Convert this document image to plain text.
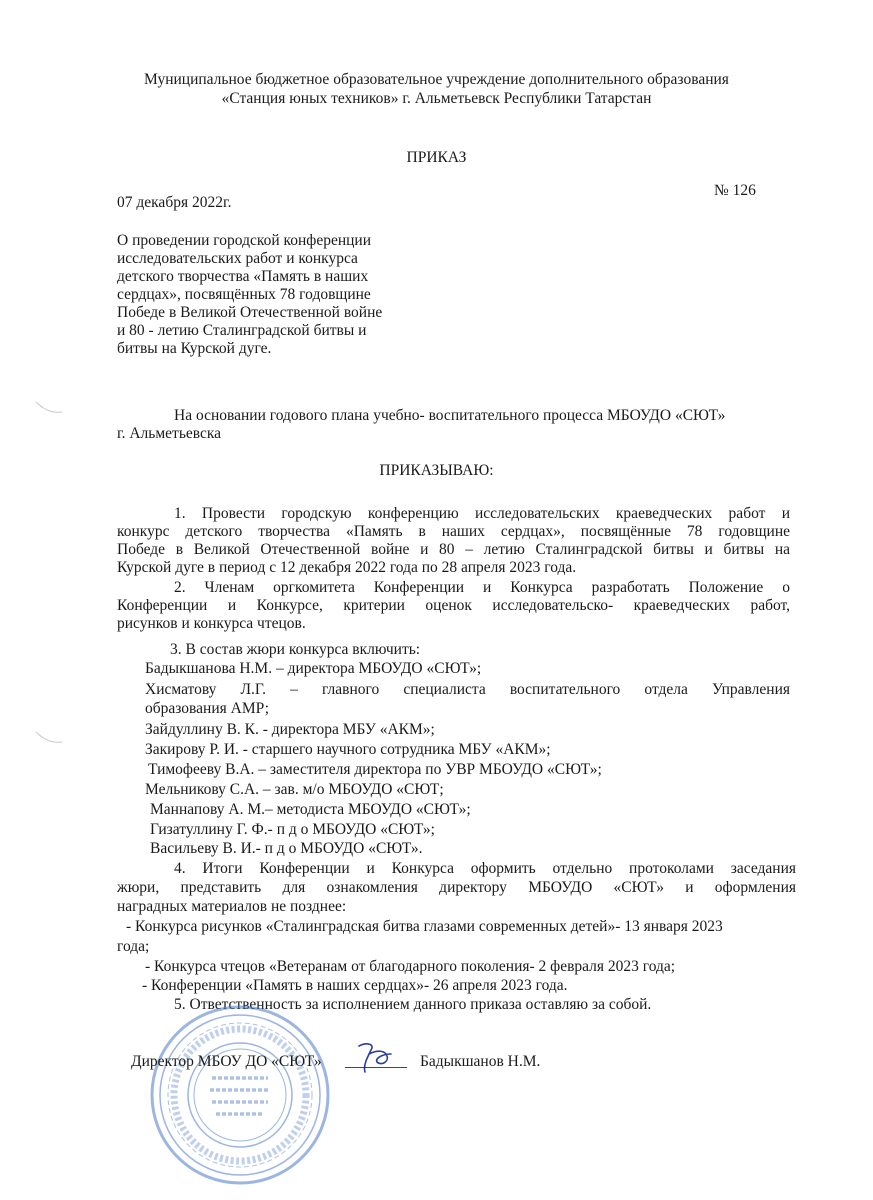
Муниципальное бюджетное образовательное учреждение дополнительного образования
«Станция юных техников» г. Альметьевск Республики Татарстан
ПРИКАЗ
07 декабря 2022г.
№ 126
О проведении городской конференции
исследовательских работ и конкурса
детского творчества «Память в наших
сердцах», посвящённых 78 годовщине
Победе в Великой Отечественной войне
и 80 - летию Сталинградской битвы и
битвы на Курской дуге.
На основании годового плана учебно- воспитательного процесса МБОУДО «СЮТ»
г. Альметьевска
ПРИКАЗЫВАЮ:
1. Провести городскую конференцию исследовательских краеведческих работ и
конкурс детского творчества «Память в наших сердцах», посвящённые 78 годовщине
Победе в Великой Отечественной войне и 80 – летию Сталинградской битвы и битвы на
Курской дуге в период с 12 декабря 2022 года по 28 апреля 2023 года.
2. Членам оргкомитета Конференции и Конкурса разработать Положение о
Конференции и Конкурсе, критерии оценок исследовательско- краеведческих работ,
рисунков и конкурса чтецов.
3. В состав жюри конкурса включить:
Бадыкшанова Н.М. – директора МБОУДО «СЮТ»;
Хисматову Л.Г. – главного специалиста воспитательного отдела Управления
образования АМР;
Зайдуллину В. К. - директора МБУ «АКМ»;
Закирову Р. И. - старшего научного сотрудника МБУ «АКМ»;
Тимофееву В.А. – заместителя директора по УВР МБОУДО «СЮТ»;
Мельникову С.А. – зав. м/о МБОУДО «СЮТ;
Маннапову А. М.– методиста МБОУДО «СЮТ»;
Гизатуллину Г. Ф.- п д о МБОУДО «СЮТ»;
Васильеву В. И.- п д о МБОУДО «СЮТ».
4. Итоги Конференции и Конкурса оформить отдельно протоколами заседания
жюри, представить для ознакомления директору МБОУДО «СЮТ» и оформления
наградных материалов не позднее:
- Конкурса рисунков «Сталинградская битва глазами современных детей»- 13 января 2023
года;
- Конкурса чтецов «Ветеранам от благодарного поколения- 2 февраля 2023 года;
- Конференции «Память в наших сердцах»- 26 апреля 2023 года.
5. Ответственность за исполнением данного приказа оставляю за собой.
Директор МБОУ ДО «СЮТ» ________ Бадыкшанов Н.М.
